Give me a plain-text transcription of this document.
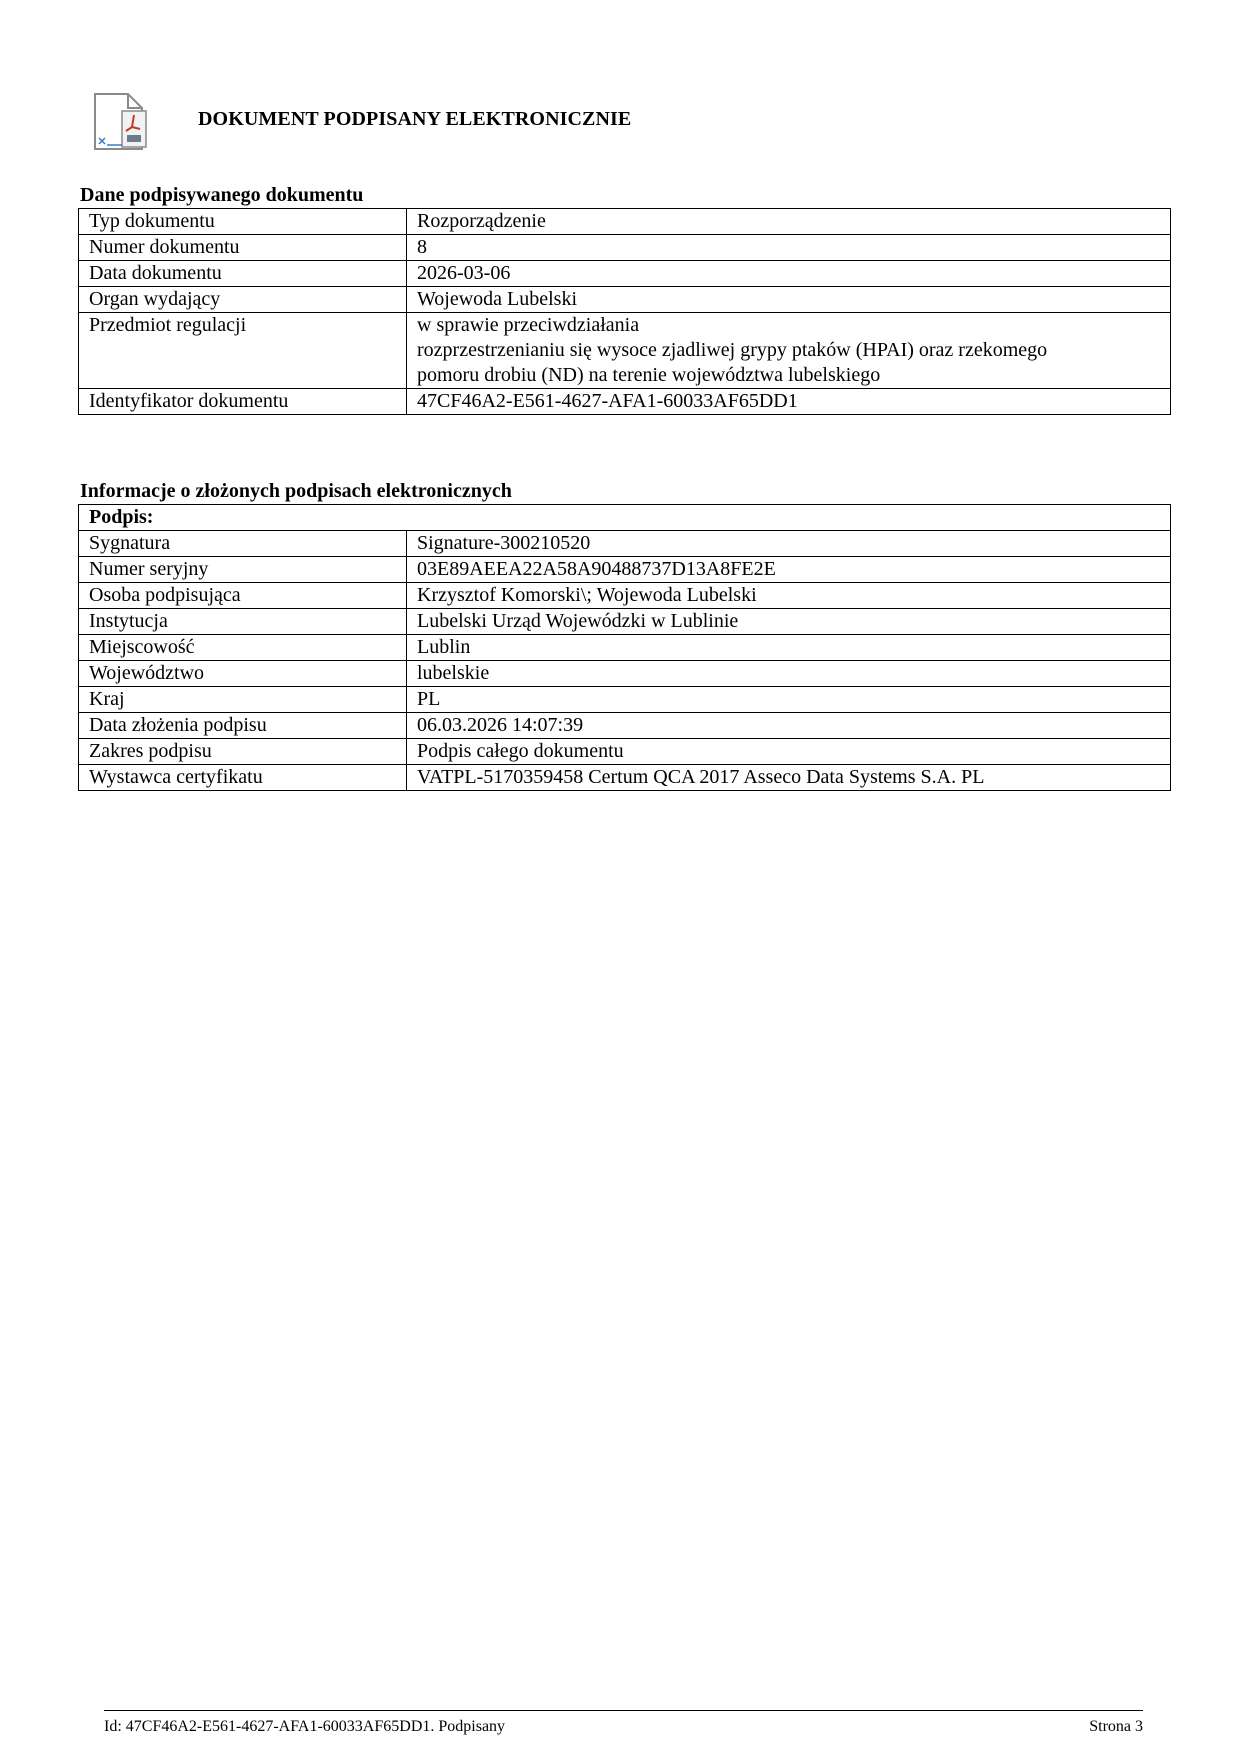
DOKUMENT PODPISANY ELEKTRONICZNIE
Dane podpisywanego dokumentu
Typ dokumentu	Rozporządzenie
Numer dokumentu	8
Data dokumentu	2026-03-06
Organ wydający	Wojewoda Lubelski
Przedmiot regulacji	w sprawie przeciwdziałania
rozprzestrzenianiu się wysoce zjadliwej grypy ptaków (HPAI) oraz rzekomego
pomoru drobiu (ND) na terenie województwa lubelskiego

Identyfikator dokumentu	47CF46A2-E561-4627-AFA1-60033AF65DD1
Informacje o złożonych podpisach elektronicznych
Podpis:	
Sygnatura	Signature-300210520
Numer seryjny	03E89AEEA22A58A90488737D13A8FE2E
Osoba podpisująca	Krzysztof Komorski\; Wojewoda Lubelski
Instytucja	Lubelski Urząd Wojewódzki w Lublinie
Miejscowość	Lublin
Województwo	lubelskie
Kraj	PL
Data złożenia podpisu	06.03.2026 14:07:39
Zakres podpisu	Podpis całego dokumentu
Wystawca certyfikatu	VATPL-5170359458 Certum QCA 2017 Asseco Data Systems S.A. PL
Id: 47CF46A2-E561-4627-AFA1-60033AF65DD1. Podpisany	Strona 3
